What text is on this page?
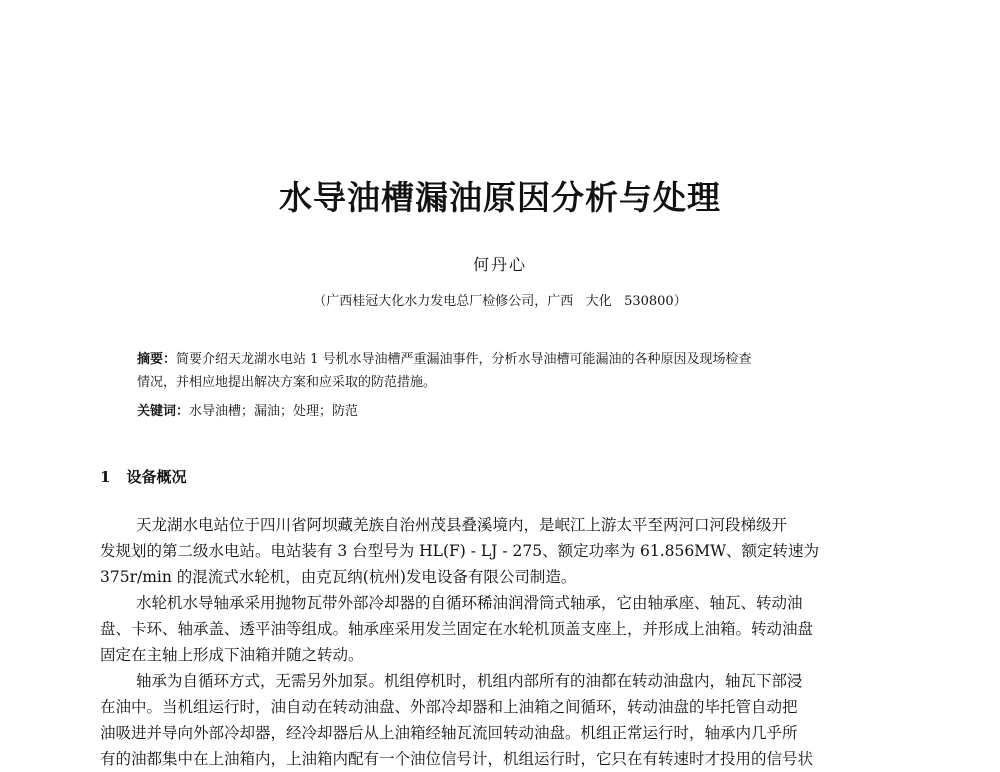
水导油槽漏油原因分析与处理
何丹心
（广西桂冠大化水力发电总厂检修公司，广西   大化   530800）
摘要：简要介绍天龙湖水电站 1 号机水导油槽严重漏油事件，分析水导油槽可能漏油的各种原因及现场检查
情况，并相应地提出解决方案和应采取的防范措施。
关键词：水导油槽；漏油；处理；防范
1 设备概况
天龙湖水电站位于四川省阿坝藏羌族自治州茂县叠溪境内，是岷江上游太平至两河口河段梯级开
发规划的第二级水电站。电站装有 3 台型号为 HL(F) - LJ - 275、额定功率为 61.856MW、额定转速为
375r/min 的混流式水轮机，由克瓦纳(杭州)发电设备有限公司制造。
水轮机水导轴承采用抛物瓦带外部冷却器的自循环稀油润滑筒式轴承，它由轴承座、轴瓦、转动油
盘、卡环、轴承盖、透平油等组成。轴承座采用发兰固定在水轮机顶盖支座上，并形成上油箱。转动油盘
固定在主轴上形成下油箱并随之转动。
轴承为自循环方式，无需另外加泵。机组停机时，机组内部所有的油都在转动油盘内，轴瓦下部浸
在油中。当机组运行时，油自动在转动油盘、外部冷却器和上油箱之间循环，转动油盘的毕托管自动把
油吸进并导向外部冷却器，经冷却器后从上油箱经轴瓦流回转动油盘。机组正常运行时，轴承内几乎所
有的油都集中在上油箱内，上油箱内配有一个油位信号计，机组运行时，它只在有转速时才投用的信号状
